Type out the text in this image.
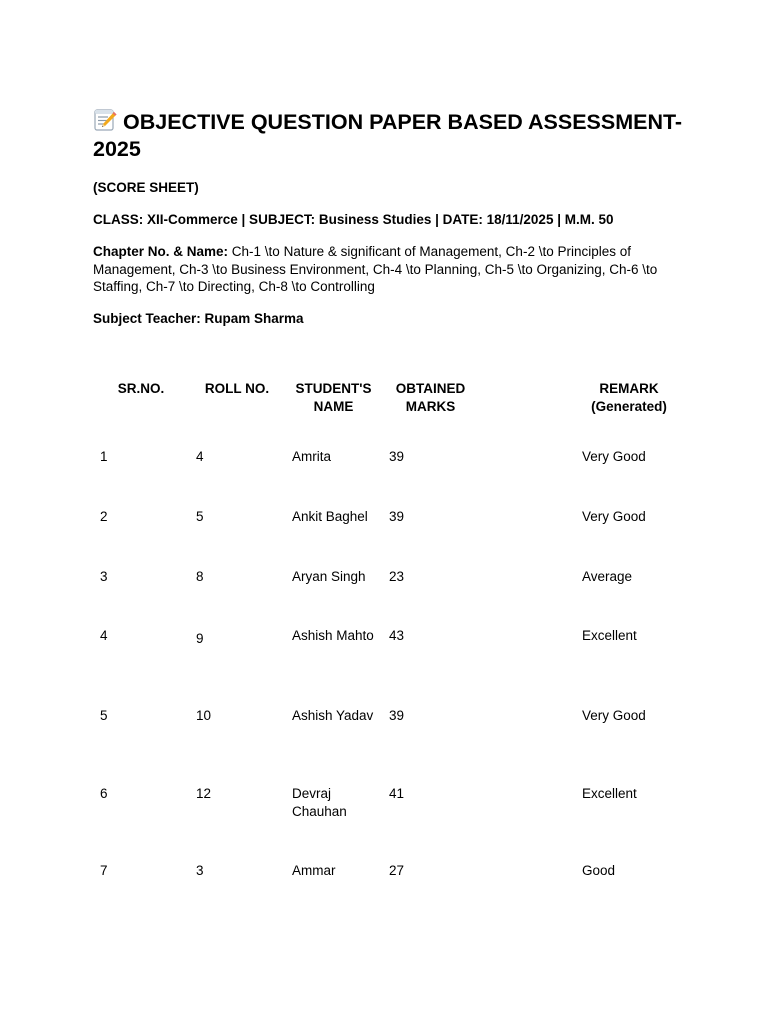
OBJECTIVE QUESTION PAPER BASED ASSESSMENT-2025

(SCORE SHEET)

CLASS: XII-Commerce | SUBJECT: Business Studies | DATE: 18/11/2025 | M.M. 50

Chapter No. & Name: Ch-1 \to Nature & significant of Management, Ch-2 \to Principles of Management, Ch-3 \to Business Environment, Ch-4 \to Planning, Ch-5 \to Organizing, Ch-6 \to Staffing, Ch-7 \to Directing, Ch-8 \to Controlling

Subject Teacher: Rupam Sharma

SR.NO.	ROLL NO.	STUDENT'S NAME	OBTAINED MARKS		REMARK (Generated)
1	4	Amrita	39		Very Good
2	5	Ankit Baghel	39		Very Good
3	8	Aryan Singh	23		Average
4	9	Ashish Mahto	43		Excellent
5	10	Ashish Yadav	39		Very Good
6	12	Devraj Chauhan	41		Excellent
7	3	Ammar	27		Good
